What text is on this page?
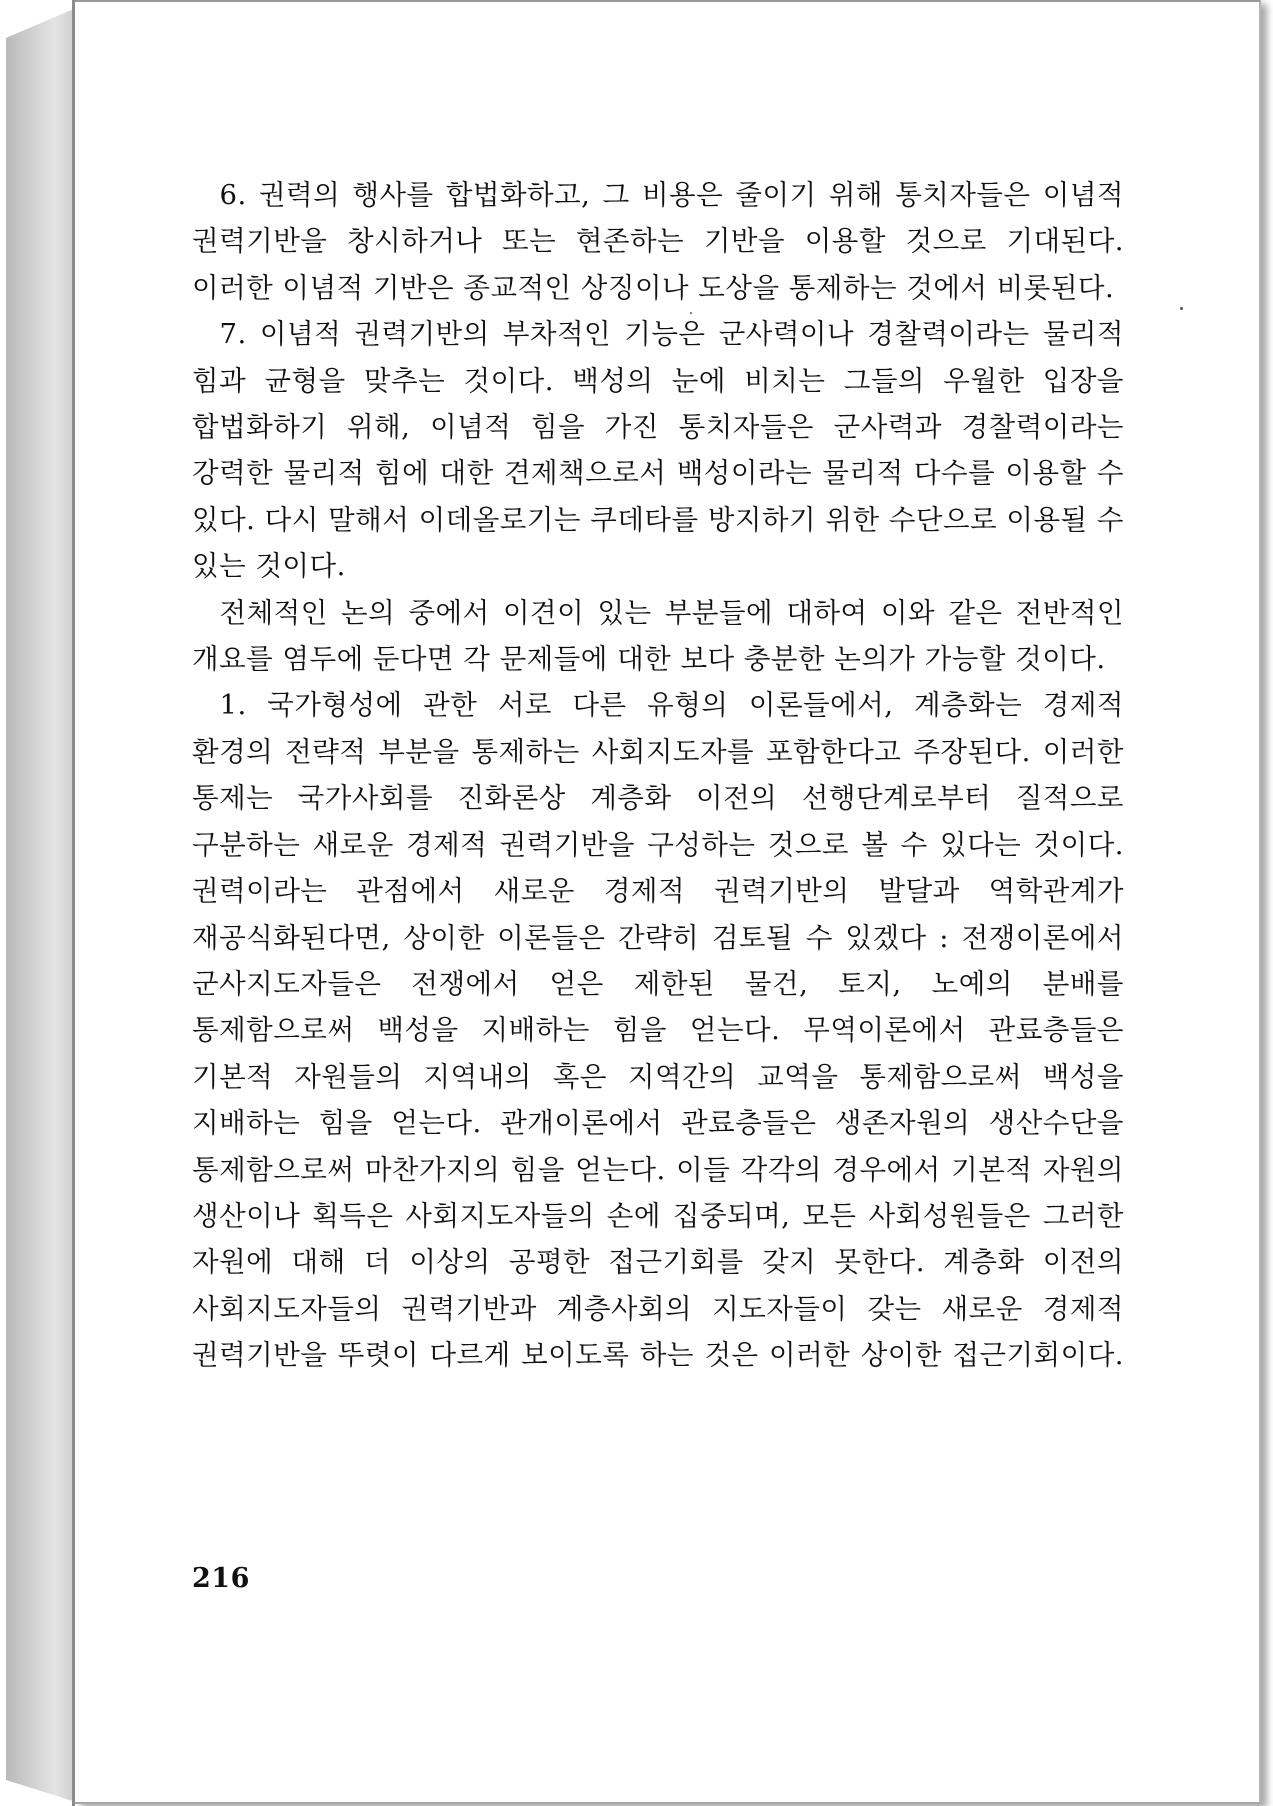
6. 권력의 행사를 합법화하고, 그 비용은 줄이기 위해 통치자들은 이념적 권력기반을 창시하거나 또는 현존하는 기반을 이용할 것으로 기대된다. 이러한 이념적 기반은 종교적인 상징이나 도상을 통제하는 것에서 비롯된다.

7. 이념적 권력기반의 부차적인 기능은 군사력이나 경찰력이라는 물리적 힘과 균형을 맞추는 것이다. 백성의 눈에 비치는 그들의 우월한 입장을 합법화하기 위해, 이념적 힘을 가진 통치자들은 군사력과 경찰력이라는 강력한 물리적 힘에 대한 견제책으로서 백성이라는 물리적 다수를 이용할 수 있다. 다시 말해서 이데올로기는 쿠데타를 방지하기 위한 수단으로 이용될 수 있는 것이다.

전체적인 논의 중에서 이견이 있는 부분들에 대하여 이와 같은 전반적인 개요를 염두에 둔다면 각 문제들에 대한 보다 충분한 논의가 가능할 것이다.

1. 국가형성에 관한 서로 다른 유형의 이론들에서, 계층화는 경제적 환경의 전략적 부분을 통제하는 사회지도자를 포함한다고 주장된다. 이러한 통제는 국가사회를 진화론상 계층화 이전의 선행단계로부터 질적으로 구분하는 새로운 경제적 권력기반을 구성하는 것으로 볼 수 있다는 것이다. 권력이라는 관점에서 새로운 경제적 권력기반의 발달과 역학관계가 재공식화된다면, 상이한 이론들은 간략히 검토될 수 있겠다 : 전쟁이론에서 군사지도자들은 전쟁에서 얻은 제한된 물건, 토지, 노예의 분배를 통제함으로써 백성을 지배하는 힘을 얻는다. 무역이론에서 관료층들은 기본적 자원들의 지역내의 혹은 지역간의 교역을 통제함으로써 백성을 지배하는 힘을 얻는다. 관개이론에서 관료층들은 생존자원의 생산수단을 통제함으로써 마찬가지의 힘을 얻는다. 이들 각각의 경우에서 기본적 자원의 생산이나 획득은 사회지도자들의 손에 집중되며, 모든 사회성원들은 그러한 자원에 대해 더 이상의 공평한 접근기회를 갖지 못한다. 계층화 이전의 사회지도자들의 권력기반과 계층사회의 지도자들이 갖는 새로운 경제적 권력기반을 뚜렷이 다르게 보이도록 하는 것은 이러한 상이한 접근기회이다.

216
